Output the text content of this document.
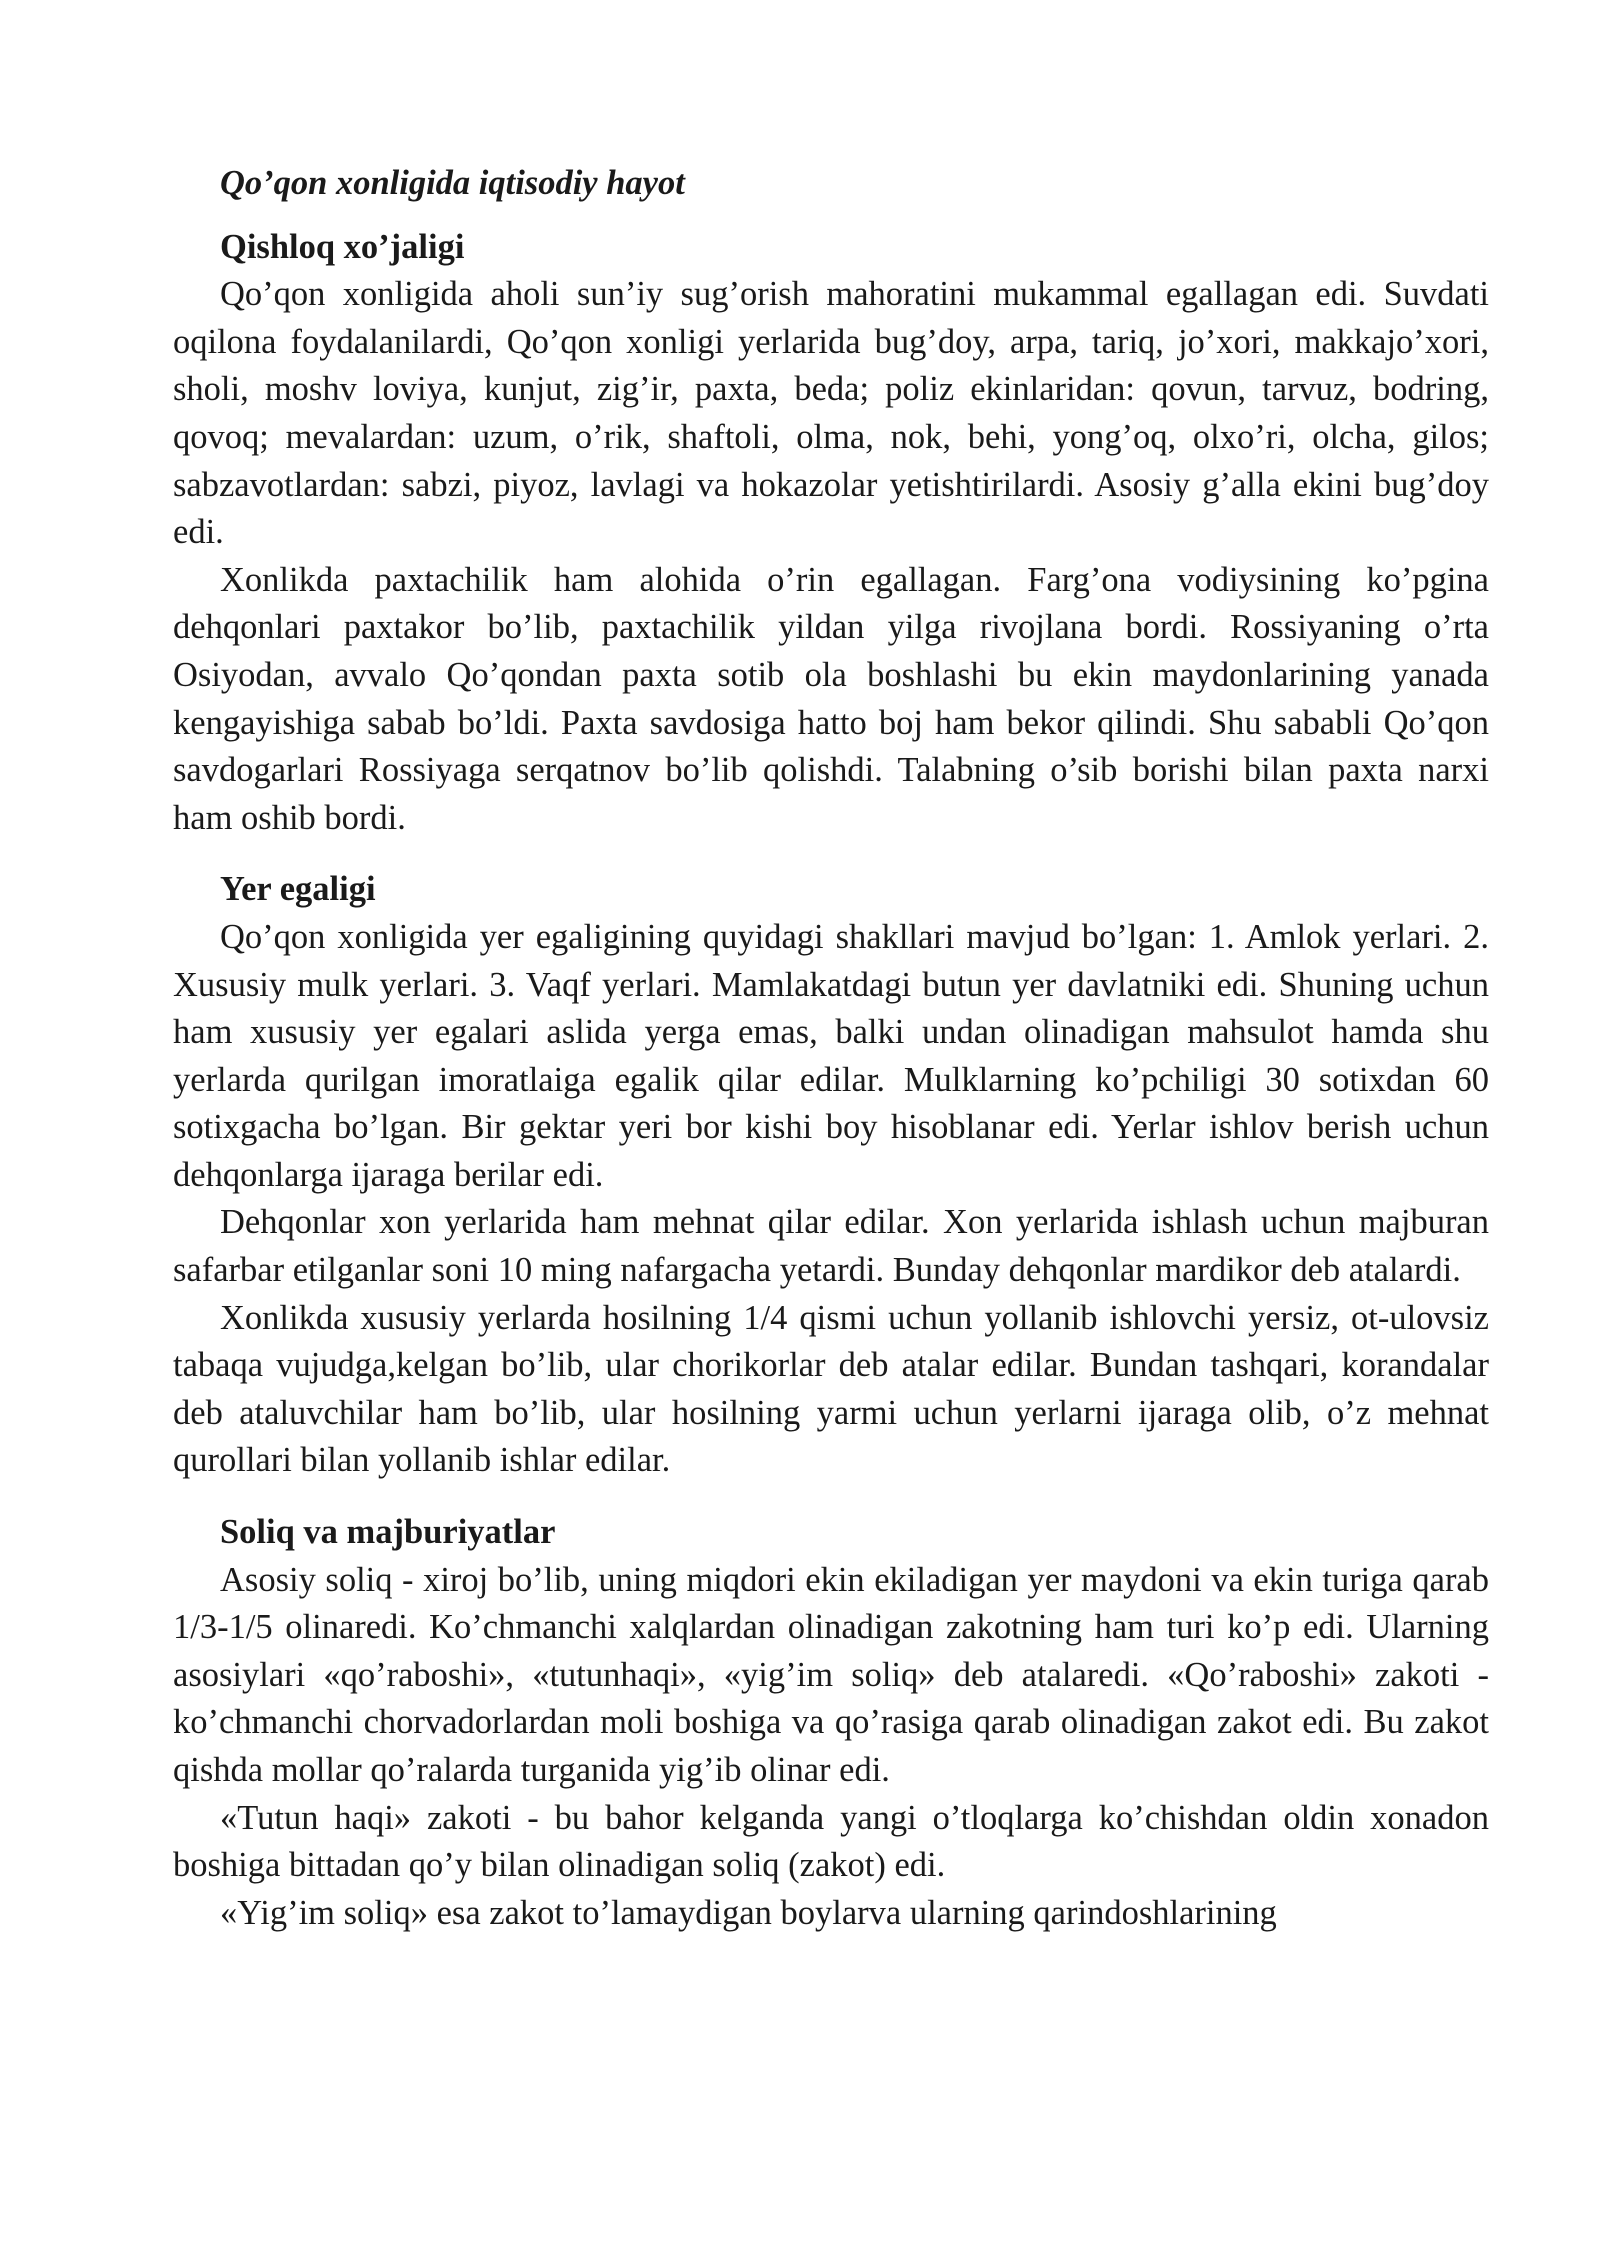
Qo’qon xonligida iqtisodiy hayot

Qishloq xo’jaligi

Qo’qon xonligida aholi sun’iy sug’orish mahoratini mukammal egallagan edi. Suvdati oqilona foydalanilardi, Qo’qon xonligi yerlarida bug’doy, arpa, tariq, jo’xori, makkajo’xori, sholi, moshv loviya, kunjut, zig’ir, paxta, beda; poliz ekinlaridan: qovun, tarvuz, bodring, qovoq; mevalardan: uzum, o’rik, shaftoli, olma, nok, behi, yong’oq, olxo’ri, olcha, gilos; sabzavotlardan: sabzi, piyoz, lavlagi va hokazolar yetishtirilardi. Asosiy g’alla ekini bug’doy edi.

Xonlikda paxtachilik ham alohida o’rin egallagan. Farg’ona vodiysining ko’pgina dehqonlari paxtakor bo’lib, paxtachilik yildan yilga rivojlana bordi. Rossiyaning o’rta Osiyodan, avvalo Qo’qondan paxta sotib ola boshlashi bu ekin maydonlarining yanada kengayishiga sabab bo’ldi. Paxta savdosiga hatto boj ham bekor qilindi. Shu sababli Qo’qon savdogarlari Rossiyaga serqatnov bo’lib qolishdi. Talabning o’sib borishi bilan paxta narxi ham oshib bordi.

Yer egaligi

Qo’qon xonligida yer egaligining quyidagi shakllari mavjud bo’lgan: 1. Amlok yerlari. 2. Xususiy mulk yerlari. 3. Vaqf yerlari. Mamlakatdagi butun yer davlatniki edi. Shuning uchun ham xususiy yer egalari aslida yerga emas, balki undan olinadigan mahsulot hamda shu yerlarda qurilgan imoratlaiga egalik qilar edilar. Mulklarning ko’pchiligi 30 sotixdan 60 sotixgacha bo’lgan. Bir gektar yeri bor kishi boy hisoblanar edi. Yerlar ishlov berish uchun dehqonlarga ijaraga berilar edi.

Dehqonlar xon yerlarida ham mehnat qilar edilar. Xon yerlarida ishlash uchun majburan safarbar etilganlar soni 10 ming nafargacha yetardi. Bunday dehqonlar mardikor deb atalardi.

Xonlikda xususiy yerlarda hosilning 1/4 qismi uchun yollanib ishlovchi yersiz, ot-ulovsiz tabaqa vujudga,kelgan bo’lib, ular chorikorlar deb atalar edilar. Bundan tashqari, korandalar deb ataluvchilar ham bo’lib, ular hosilning yarmi uchun yerlarni ijaraga olib, o’z mehnat qurollari bilan yollanib ishlar edilar.

Soliq va majburiyatlar

Asosiy soliq - xiroj bo’lib, uning miqdori ekin ekiladigan yer maydoni va ekin turiga qarab 1/3-1/5 olinaredi. Ko’chmanchi xalqlardan olinadigan zakotning ham turi ko’p edi. Ularning asosiylari «qo’raboshi», «tutunhaqi», «yig’im soliq» deb atalaredi. «Qo’raboshi» zakoti - ko’chmanchi chorvadorlardan moli boshiga va qo’rasiga qarab olinadigan zakot edi. Bu zakot qishda mollar qo’ralarda turganida yig’ib olinar edi.

«Tutun haqi» zakoti - bu bahor kelganda yangi o’tloqlarga ko’chishdan oldin xonadon boshiga bittadan qo’y bilan olinadigan soliq (zakot) edi.

«Yig’im soliq» esa zakot to’lamaydigan boylarva ularning qarindoshlarining
